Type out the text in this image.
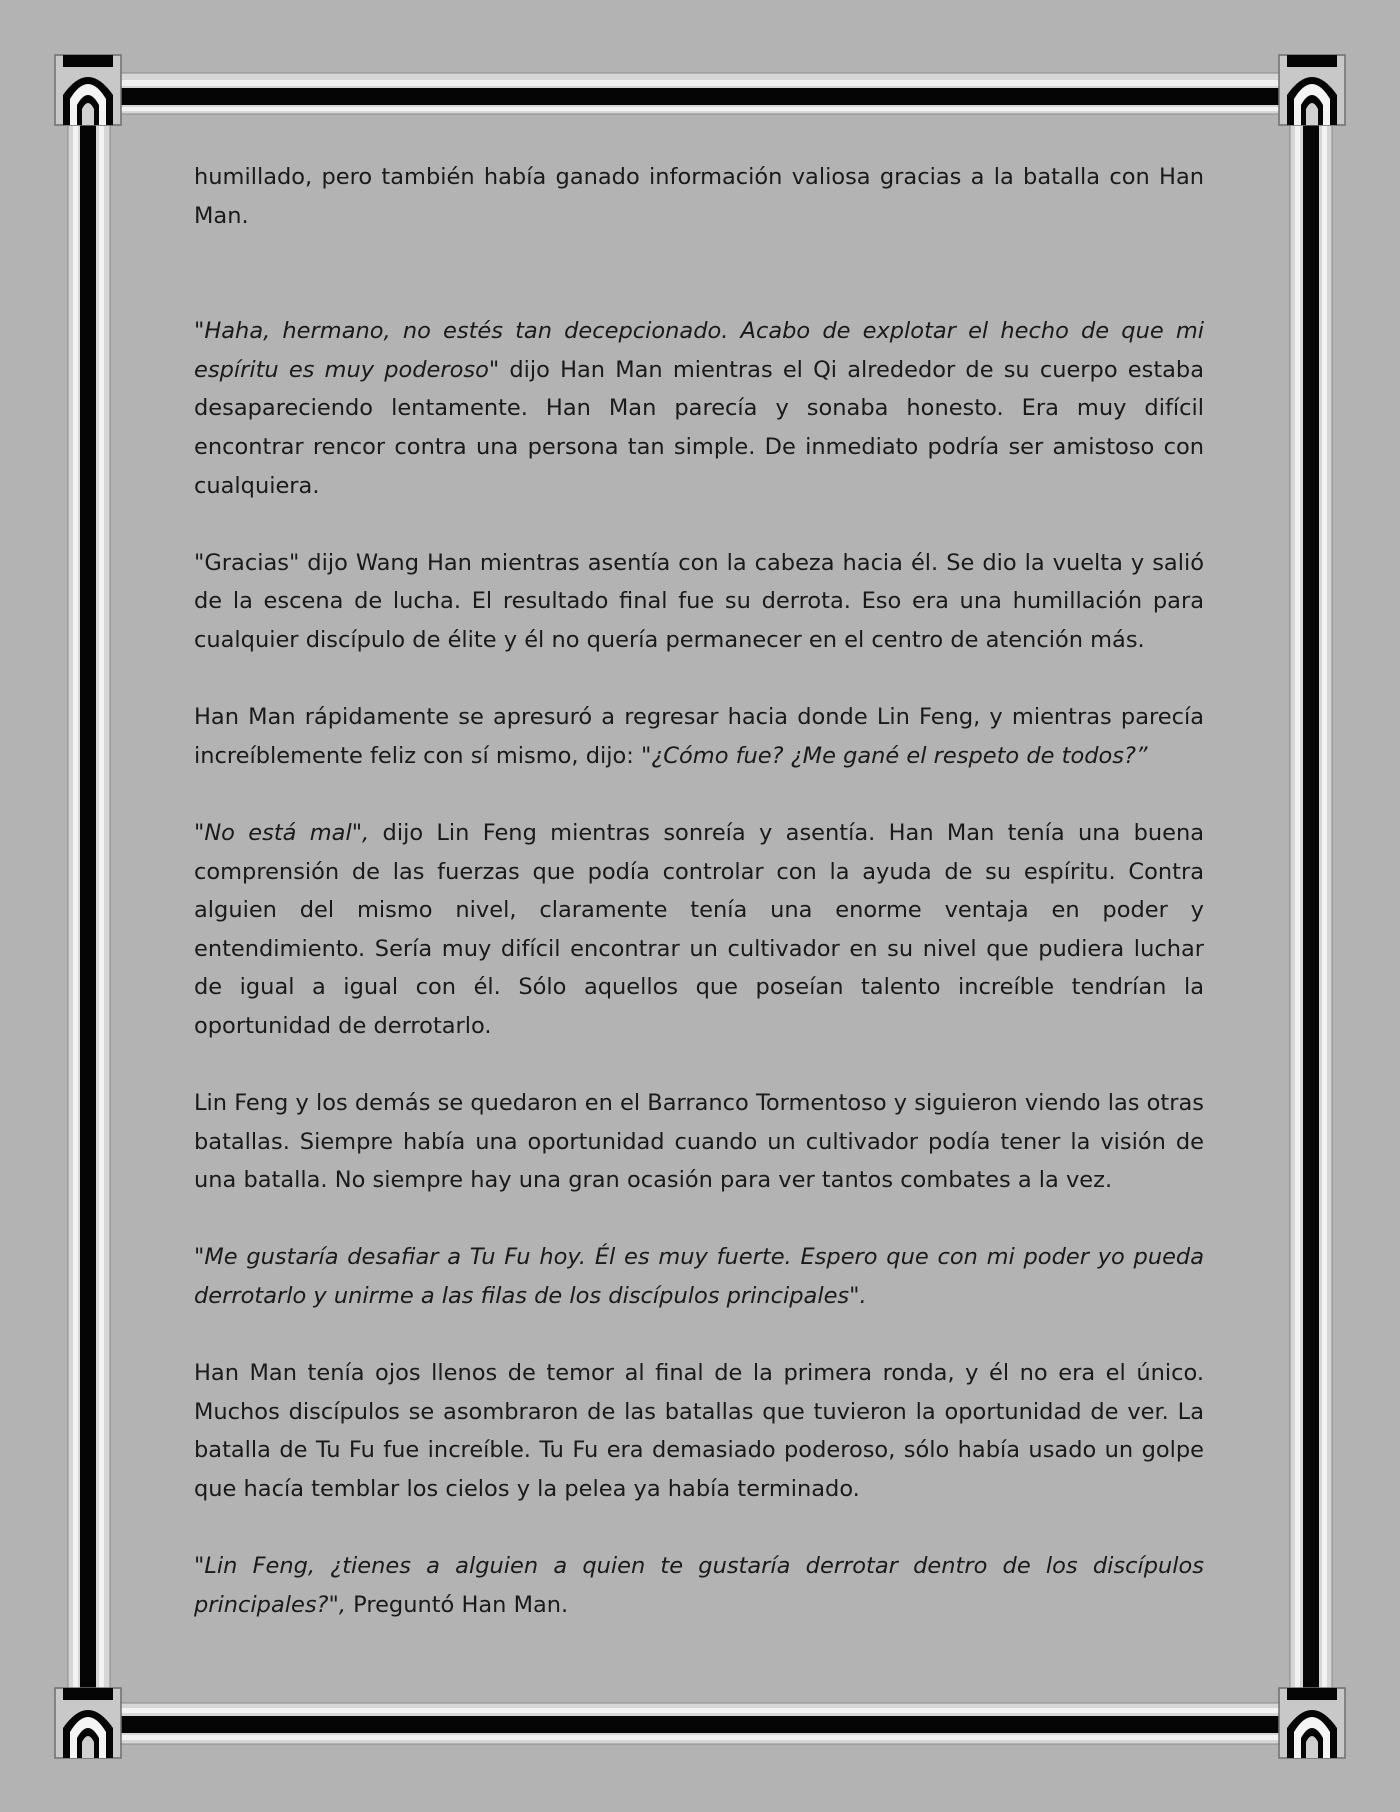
humillado, pero también había ganado información valiosa gracias a la batalla con Han Man.

"Haha, hermano, no estés tan decepcionado. Acabo de explotar el hecho de que mi espíritu es muy poderoso" dijo Han Man mientras el Qi alrededor de su cuerpo estaba desapareciendo lentamente. Han Man parecía y sonaba honesto. Era muy difícil encontrar rencor contra una persona tan simple. De inmediato podría ser amistoso con cualquiera.

"Gracias" dijo Wang Han mientras asentía con la cabeza hacia él. Se dio la vuelta y salió de la escena de lucha. El resultado final fue su derrota. Eso era una humillación para cualquier discípulo de élite y él no quería permanecer en el centro de atención más.

Han Man rápidamente se apresuró a regresar hacia donde Lin Feng, y mientras parecía increíblemente feliz con sí mismo, dijo: "¿Cómo fue? ¿Me gané el respeto de todos?”

"No está mal", dijo Lin Feng mientras sonreía y asentía. Han Man tenía una buena comprensión de las fuerzas que podía controlar con la ayuda de su espíritu. Contra alguien del mismo nivel, claramente tenía una enorme ventaja en poder y entendimiento. Sería muy difícil encontrar un cultivador en su nivel que pudiera luchar de igual a igual con él. Sólo aquellos que poseían talento increíble tendrían la oportunidad de derrotarlo.

Lin Feng y los demás se quedaron en el Barranco Tormentoso y siguieron viendo las otras batallas. Siempre había una oportunidad cuando un cultivador podía tener la visión de una batalla. No siempre hay una gran ocasión para ver tantos combates a la vez.

"Me gustaría desafiar a Tu Fu hoy. Él es muy fuerte. Espero que con mi poder yo pueda derrotarlo y unirme a las filas de los discípulos principales".

Han Man tenía ojos llenos de temor al final de la primera ronda, y él no era el único. Muchos discípulos se asombraron de las batallas que tuvieron la oportunidad de ver. La batalla de Tu Fu fue increíble. Tu Fu era demasiado poderoso, sólo había usado un golpe que hacía temblar los cielos y la pelea ya había terminado.

"Lin Feng, ¿tienes a alguien a quien te gustaría derrotar dentro de los discípulos principales?", Preguntó Han Man.
